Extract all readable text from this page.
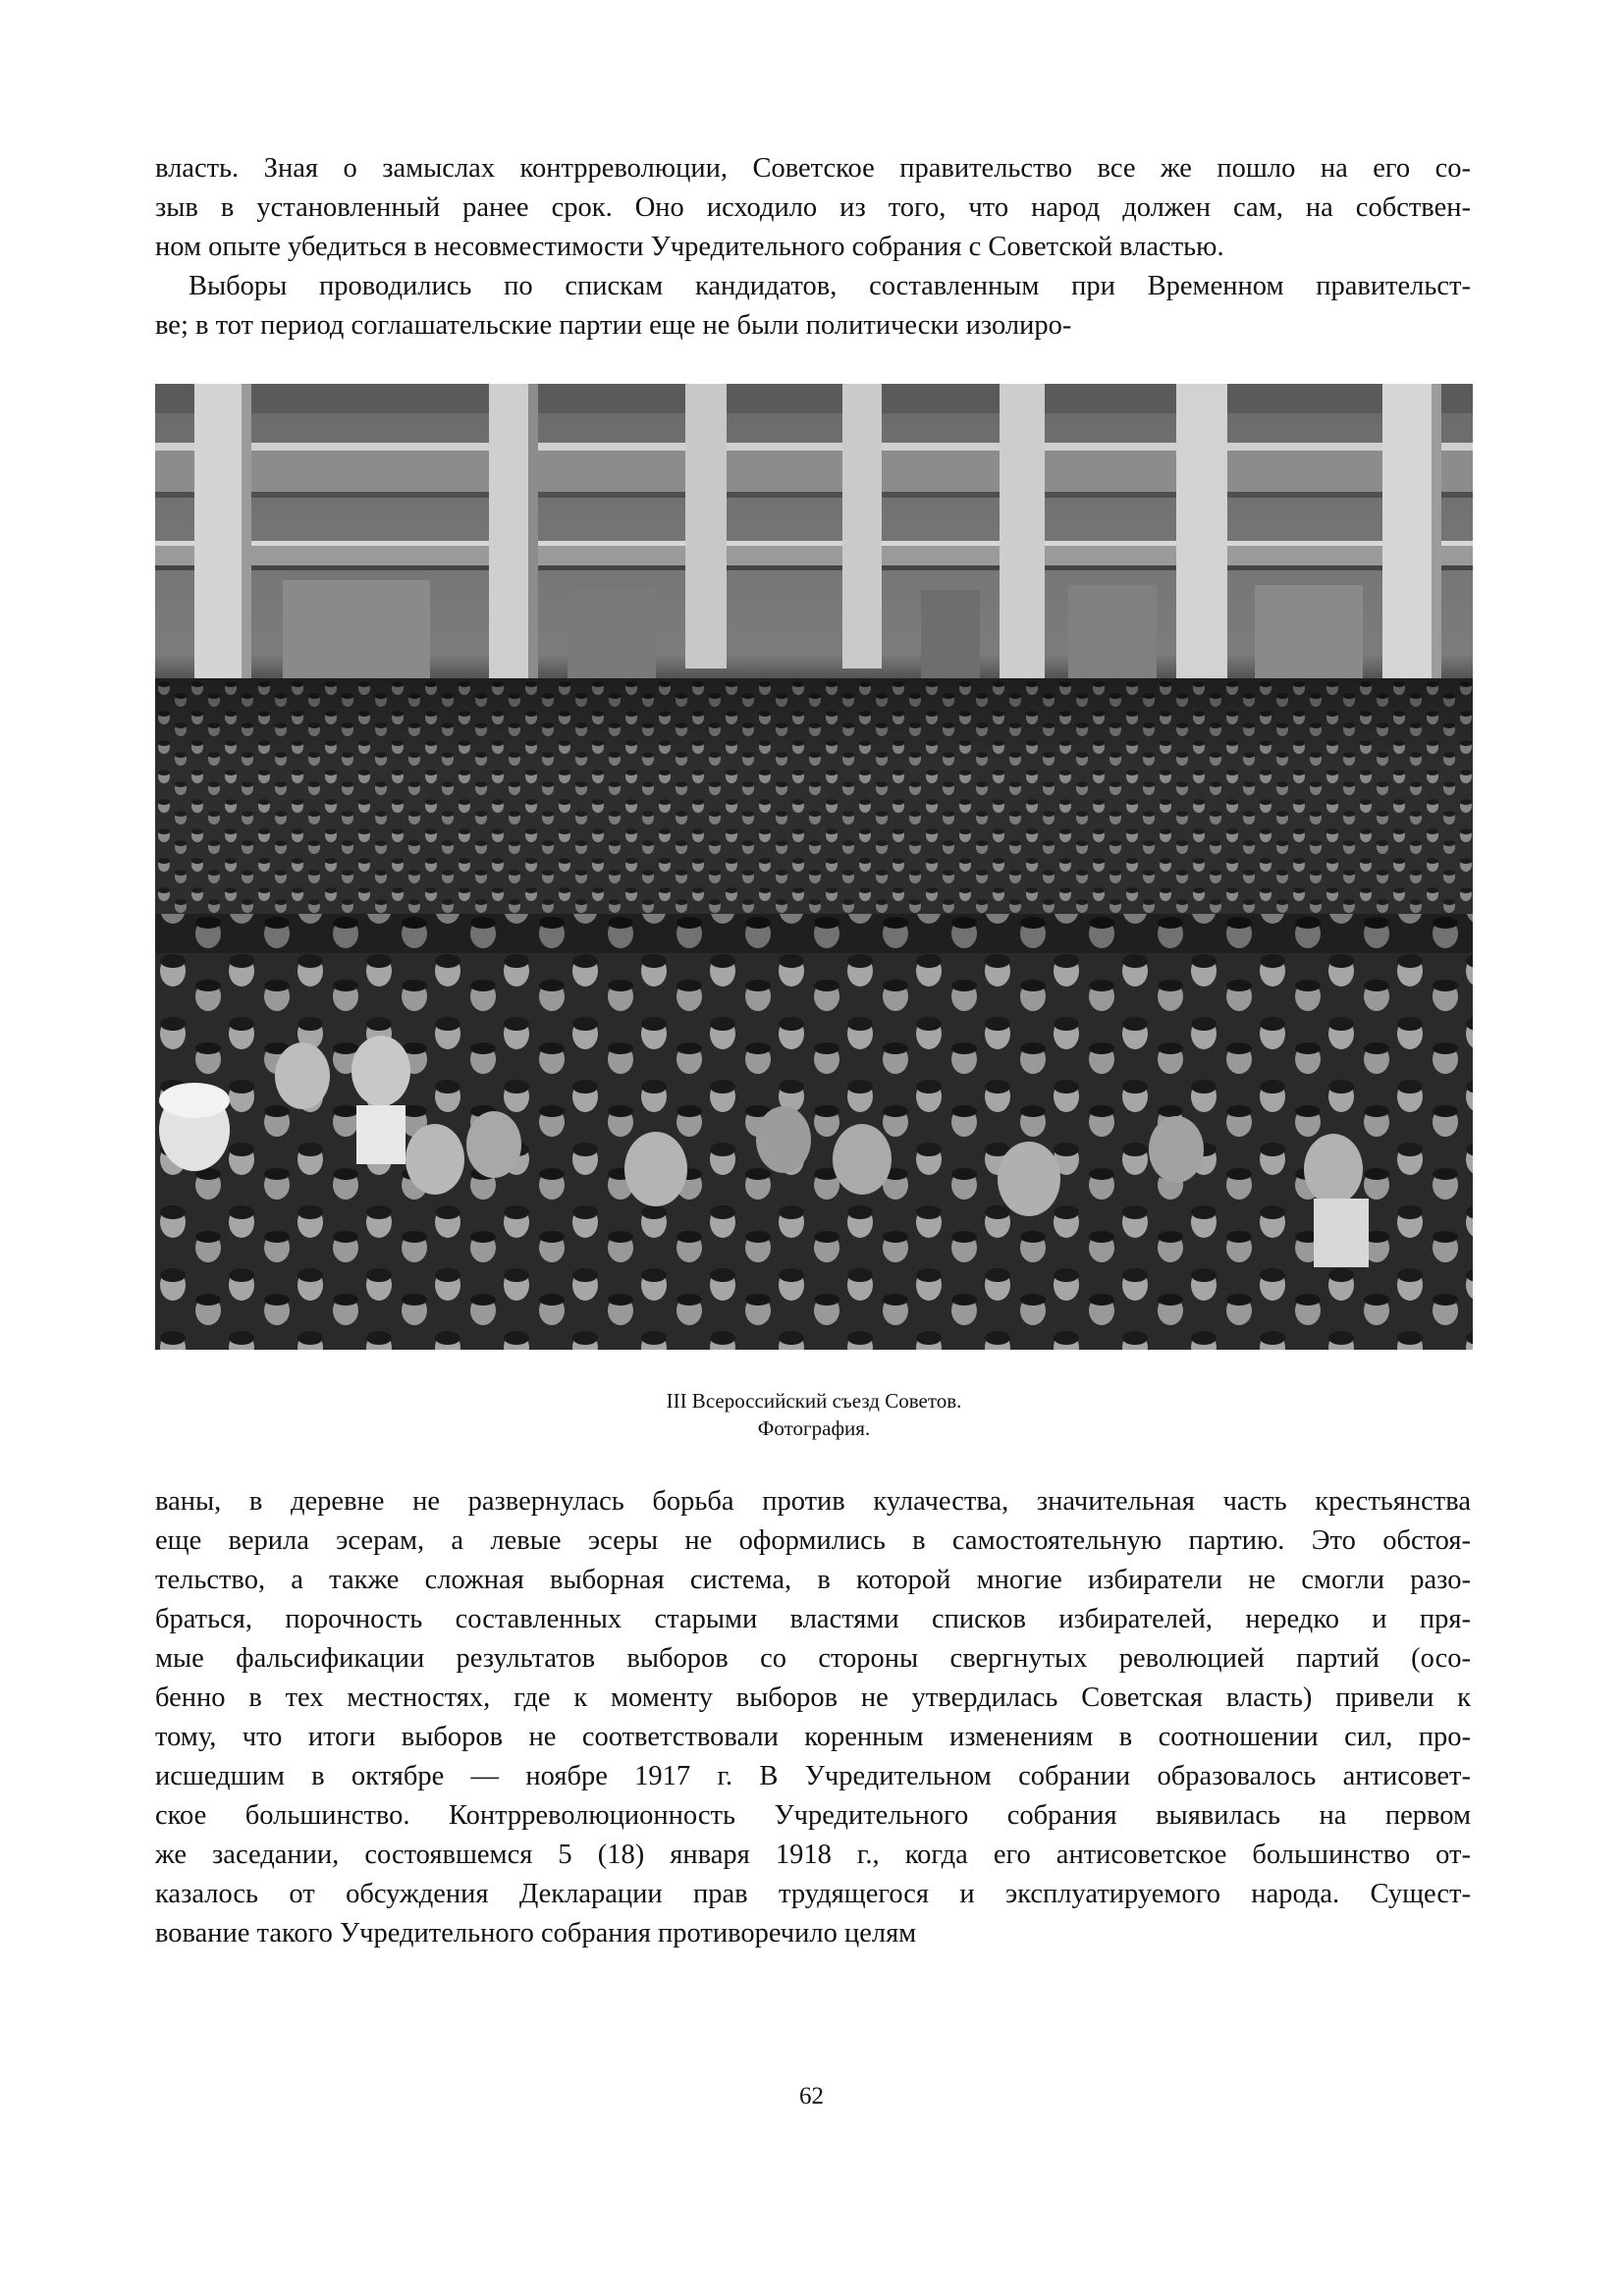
власть. Зная о замыслах контрреволюции, Советское правительство все же пошло на его со-
зыв в установленный ранее срок. Оно исходило из того, что народ должен сам, на собствен-
ном опыте убедиться в несовместимости Учредительного собрания с Советской властью.
Выборы проводились по спискам кандидатов, составленным при Временном правительст-
ве; в тот период соглашательские партии еще не были политически изолиро-
III Всероссийский съезд Советов.
Фотография.
ваны, в деревне не развернулась борьба против кулачества, значительная часть крестьянства
еще верила эсерам, а левые эсеры не оформились в самостоятельную партию. Это обстоя-
тельство, а также сложная выборная система, в которой многие избиратели не смогли разо-
браться, порочность составленных старыми властями списков избирателей, нередко и пря-
мые фальсификации результатов выборов со стороны свергнутых революцией партий (осо-
бенно в тех местностях, где к моменту выборов не утвердилась Советская власть) привели к
тому, что итоги выборов не соответствовали коренным изменениям в соотношении сил, про-
исшедшим в октябре — ноябре 1917 г. В Учредительном собрании образовалось антисовет-
ское большинство. Контрреволюционность Учредительного собрания выявилась на первом
же заседании, состоявшемся 5 (18) января 1918 г., когда его антисоветское большинство от-
казалось от обсуждения Декларации прав трудящегося и эксплуатируемого народа. Сущест-
вование такого Учредительного собрания противоречило целям
62
